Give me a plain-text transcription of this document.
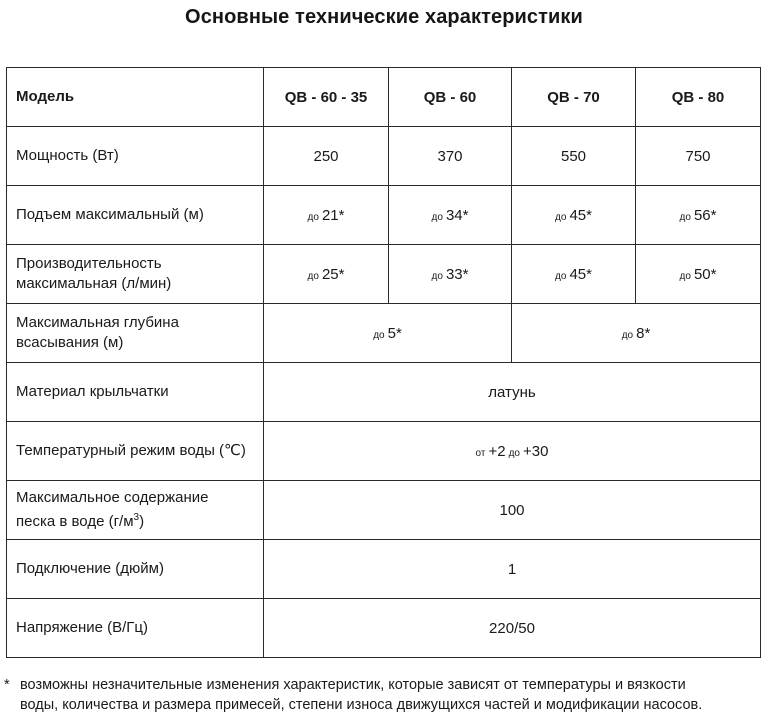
Основные технические характеристики
Модель	QB - 60 - 35	QB - 60	QB - 70	QB - 80
Мощность (Вт)	250	370	550	750
Подъем максимальный (м)	до 21*	до 34*	до 45*	до 56*
Производительность
максимальная (л/мин)	до 25*	до 33*	до 45*	до 50*
Максимальная глубина
всасывания (м)	до 5*		до 8*	
Материал крыльчатки	латунь			
Температурный режим воды (℃)	от +2 до +30			
Максимальное содержание
песка в воде $(г/м^3)$	100			
Подключение (дюйм)	1			
Напряжение (В/Гц)	220/50			
* возможны незначительные изменения характеристик, которые зависят от температуры и вязкости
воды, количества и размера примесей, степени износа движущихся частей и модификации насосов.
